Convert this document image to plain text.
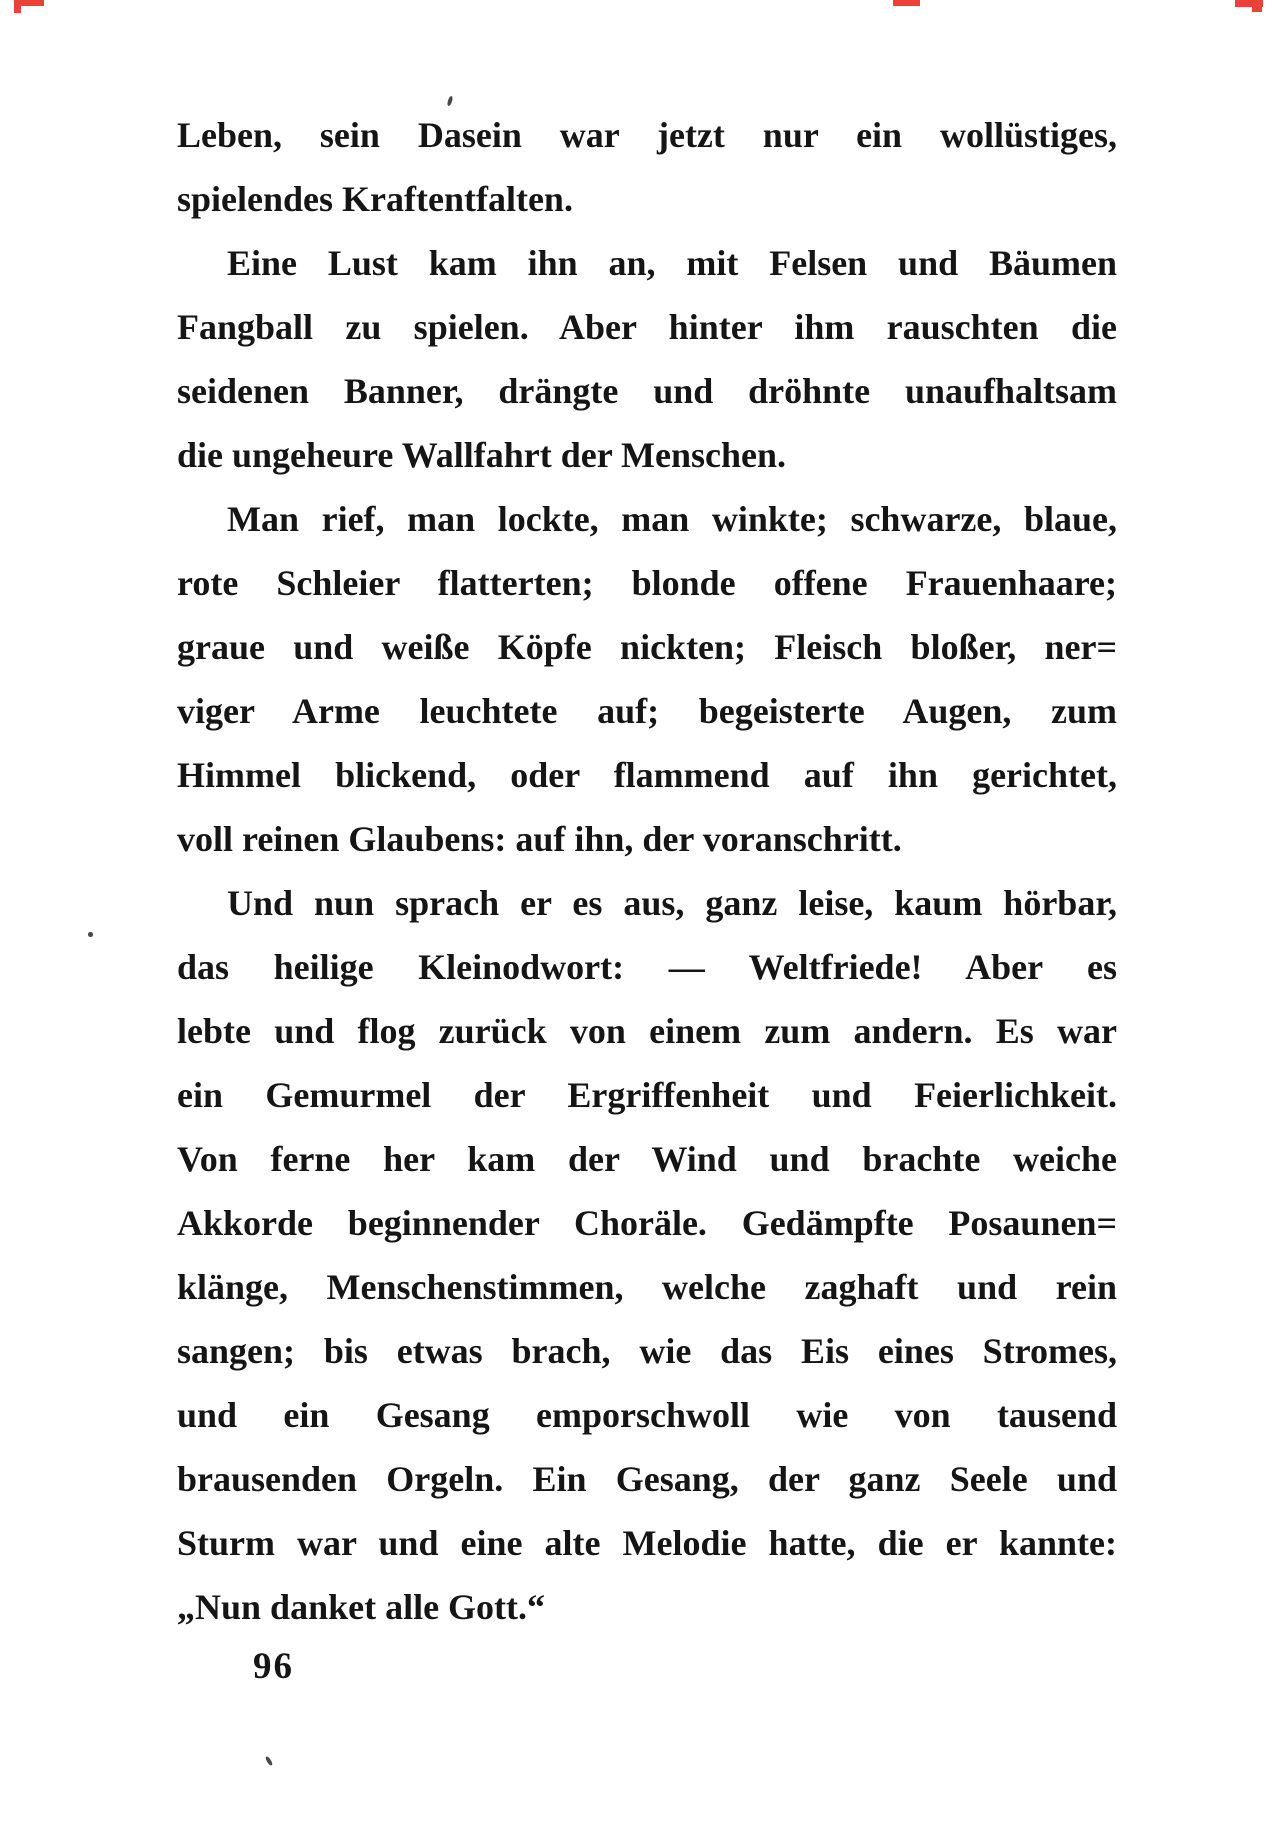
Leben, sein Dasein war jetzt nur ein wollüstiges,
spielendes Kraftentfalten.
Eine Lust kam ihn an, mit Felsen und Bäumen
Fangball zu spielen. Aber hinter ihm rauschten die
seidenen Banner, drängte und dröhnte unaufhaltsam
die ungeheure Wallfahrt der Menschen.
Man rief, man lockte, man winkte; schwarze, blaue,
rote Schleier flatterten; blonde offene Frauenhaare;
graue und weiße Köpfe nickten; Fleisch bloßer, ner=
viger Arme leuchtete auf; begeisterte Augen, zum
Himmel blickend, oder flammend auf ihn gerichtet,
voll reinen Glaubens: auf ihn, der voranschritt.
Und nun sprach er es aus, ganz leise, kaum hörbar,
das heilige Kleinodwort: — Weltfriede! Aber es
lebte und flog zurück von einem zum andern. Es war
ein Gemurmel der Ergriffenheit und Feierlichkeit.
Von ferne her kam der Wind und brachte weiche
Akkorde beginnender Choräle. Gedämpfte Posaunen=
klänge, Menschenstimmen, welche zaghaft und rein
sangen; bis etwas brach, wie das Eis eines Stromes,
und ein Gesang emporschwoll wie von tausend
brausenden Orgeln. Ein Gesang, der ganz Seele und
Sturm war und eine alte Melodie hatte, die er kannte:
„Nun danket alle Gott.“
96
